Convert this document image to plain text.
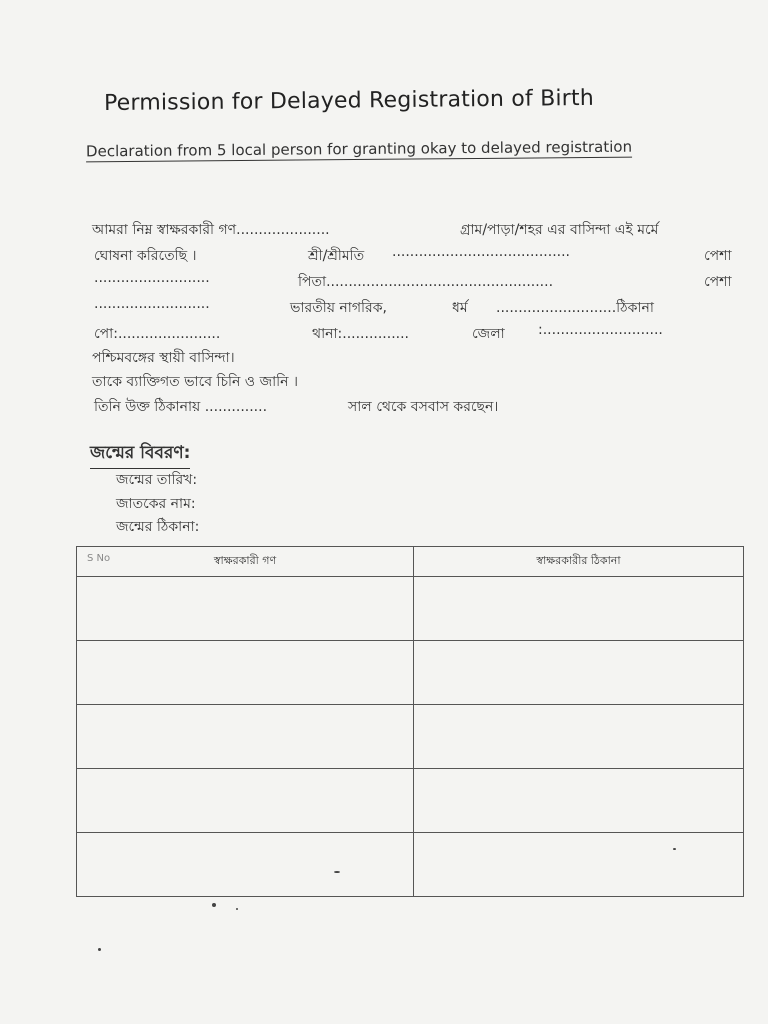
Permission for Delayed Registration of Birth
Declaration from 5 local person for granting okay to delayed registration
আমরা নিম্ন স্বাক্ষরকারী গণ.....................	গ্রাম/পাড়া/শহর এর বাসিন্দা এই মর্মে
ঘোষনা করিতেছি ।	শ্রী/শ্রীমতি ........................................	পেশা
..........................	পিতা...................................................	পেশা
..........................	ভারতীয় নাগরিক,	ধর্ম ...........................ঠিকানা
পো:.......................	থানা:...............	জেলা :...........................
পশ্চিমবঙ্গের স্থায়ী বাসিন্দা।
তাকে ব্যাক্তিগত ভাবে চিনি ও জানি ।
তিনি উক্ত ঠিকানায় ..............	সাল থেকে বসবাস করছেন।
জন্মের বিবরণ:
জন্মের তারিখ:
জাতকের নাম:
জন্মের ঠিকানা:
S No স্বাক্ষরকারী গণ	স্বাক্ষরকারীর ঠিকানা
